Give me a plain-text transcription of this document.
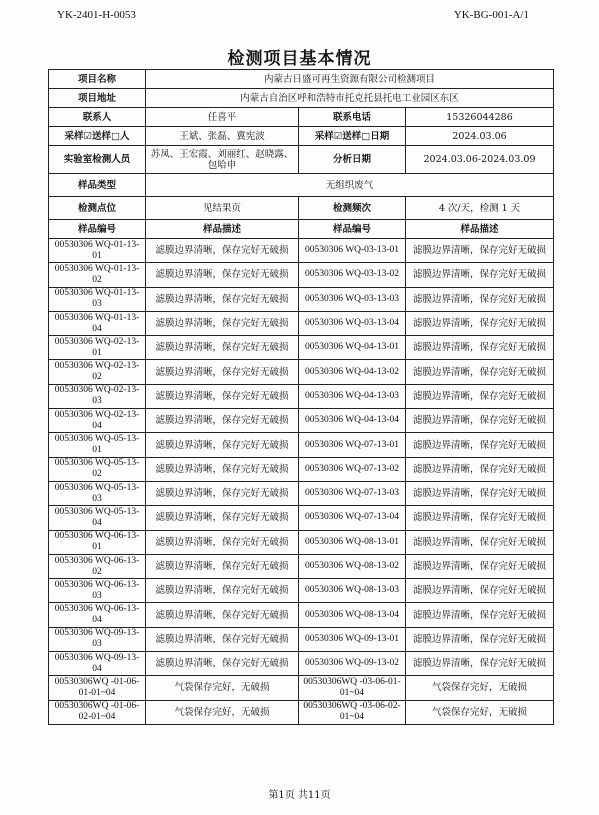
YK-2401-H-0053	YK-BG-001-A/1
检测项目基本情况
项目名称	内蒙古日盛可再生资源有限公司检测项目		
项目地址	内蒙古自治区呼和浩特市托克托县托电工业园区东区		
联系人	任喜平	联系电话	15326044286
采样☑送样□人	王斌、张磊、冀宪波	采样☑送样□日期	2024.03.06
实验室检测人员	苏凤、王宏霞、刘丽红、赵晓露、包哈申	分析日期	2024.03.06-2024.03.09
样品类型	无组织废气		
检测点位	见结果页	检测频次	4 次/天，检测 1 天
样品编号	样品描述	样品编号	样品描述
00530306 WQ-01-13-01	滤膜边界清晰，保存完好无破损	00530306 WQ-03-13-01	滤膜边界清晰，保存完好无破损
00530306 WQ-01-13-02	滤膜边界清晰，保存完好无破损	00530306 WQ-03-13-02	滤膜边界清晰，保存完好无破损
00530306 WQ-01-13-03	滤膜边界清晰，保存完好无破损	00530306 WQ-03-13-03	滤膜边界清晰，保存完好无破损
00530306 WQ-01-13-04	滤膜边界清晰，保存完好无破损	00530306 WQ-03-13-04	滤膜边界清晰，保存完好无破损
00530306 WQ-02-13-01	滤膜边界清晰，保存完好无破损	00530306 WQ-04-13-01	滤膜边界清晰，保存完好无破损
00530306 WQ-02-13-02	滤膜边界清晰，保存完好无破损	00530306 WQ-04-13-02	滤膜边界清晰，保存完好无破损
00530306 WQ-02-13-03	滤膜边界清晰，保存完好无破损	00530306 WQ-04-13-03	滤膜边界清晰，保存完好无破损
00530306 WQ-02-13-04	滤膜边界清晰，保存完好无破损	00530306 WQ-04-13-04	滤膜边界清晰，保存完好无破损
00530306 WQ-05-13-01	滤膜边界清晰，保存完好无破损	00530306 WQ-07-13-01	滤膜边界清晰，保存完好无破损
00530306 WQ-05-13-02	滤膜边界清晰，保存完好无破损	00530306 WQ-07-13-02	滤膜边界清晰，保存完好无破损
00530306 WQ-05-13-03	滤膜边界清晰，保存完好无破损	00530306 WQ-07-13-03	滤膜边界清晰，保存完好无破损
00530306 WQ-05-13-04	滤膜边界清晰，保存完好无破损	00530306 WQ-07-13-04	滤膜边界清晰，保存完好无破损
00530306 WQ-06-13-01	滤膜边界清晰，保存完好无破损	00530306 WQ-08-13-01	滤膜边界清晰，保存完好无破损
00530306 WQ-06-13-02	滤膜边界清晰，保存完好无破损	00530306 WQ-08-13-02	滤膜边界清晰，保存完好无破损
00530306 WQ-06-13-03	滤膜边界清晰，保存完好无破损	00530306 WQ-08-13-03	滤膜边界清晰，保存完好无破损
00530306 WQ-06-13-04	滤膜边界清晰，保存完好无破损	00530306 WQ-08-13-04	滤膜边界清晰，保存完好无破损
00530306 WQ-09-13-03	滤膜边界清晰，保存完好无破损	00530306 WQ-09-13-01	滤膜边界清晰，保存完好无破损
00530306 WQ-09-13-04	滤膜边界清晰，保存完好无破损	00530306 WQ-09-13-02	滤膜边界清晰，保存完好无破损
00530306WQ -01-06-01-01~04	气袋保存完好，无破损	00530306WQ -03-06-01-01~04	气袋保存完好，无破损
00530306WQ -01-06-02-01~04	气袋保存完好，无破损	00530306WQ -03-06-02-01~04	气袋保存完好，无破损
第1页 共11页
